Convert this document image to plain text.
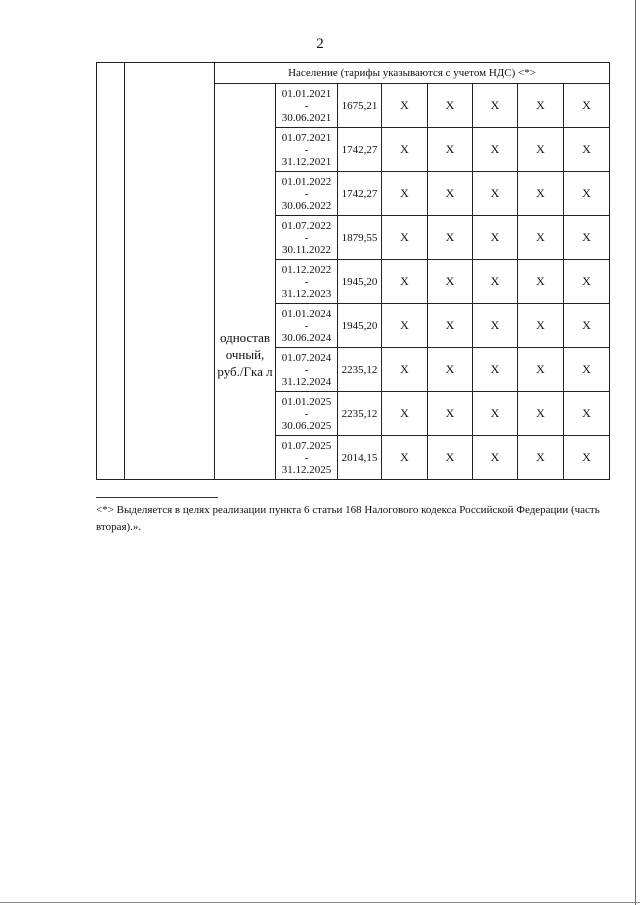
2
		Население (тарифы указываются с учетом НДС) <*>							

		одностав очный, руб./Гка л	01.01.2021
-
30.06.2021	1675,21	X	X	X	X	X

			01.07.2021
-
31.12.2021	1742,27	X	X	X	X	X

			01.01.2022
-
30.06.2022	1742,27	X	X	X	X	X

			01.07.2022
-
30.11.2022	1879,55	X	X	X	X	X

			01.12.2022
-
31.12.2023	1945,20	X	X	X	X	X

			01.01.2024
-
30.06.2024	1945,20	X	X	X	X	X

			01.07.2024
-
31.12.2024	2235,12	X	X	X	X	X

			01.01.2025
-
30.06.2025	2235,12	X	X	X	X	X

			01.07.2025
-
31.12.2025	2014,15	X	X	X	X	X
<*> Выделяется в целях реализации пункта 6 статьи 168 Налогового кодекса Российской Федерации (часть вторая).».
